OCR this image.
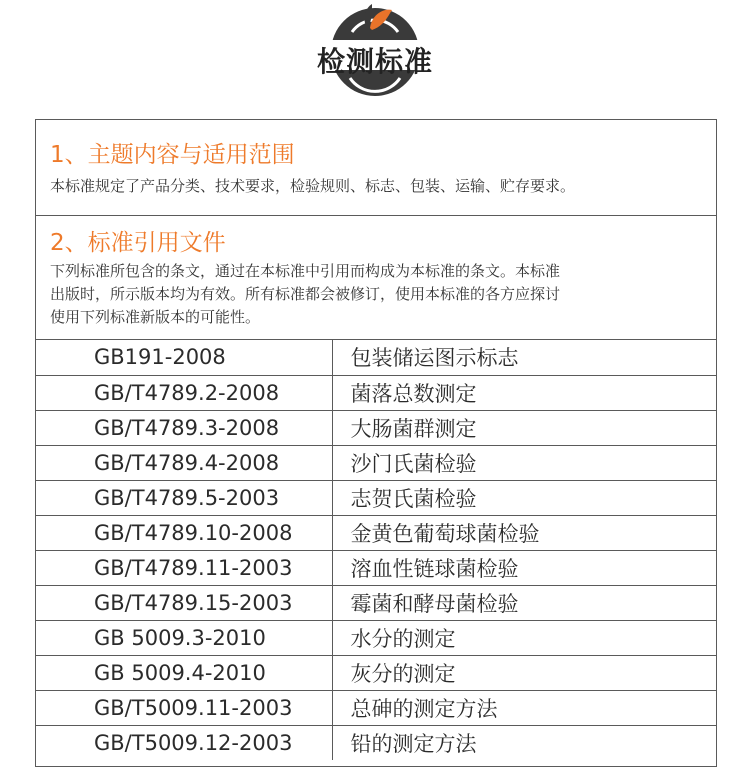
检测标准
1、主题内容与适用范围
本标准规定了产品分类、技术要求，检验规则、标志、包装、运输、贮存要求。
2、标准引用文件
下列标准所包含的条文，通过在本标准中引用而构成为本标准的条文。本标准
出版时，所示版本均为有效。所有标准都会被修订，使用本标准的各方应探讨
使用下列标准新版本的可能性。
GB191-2008	包装储运图示标志
GB/T4789.2-2008	菌落总数测定
GB/T4789.3-2008	大肠菌群测定
GB/T4789.4-2008	沙门氏菌检验
GB/T4789.5-2003	志贺氏菌检验
GB/T4789.10-2008	金黄色葡萄球菌检验
GB/T4789.11-2003	溶血性链球菌检验
GB/T4789.15-2003	霉菌和酵母菌检验
GB 5009.3-2010	水分的测定
GB 5009.4-2010	灰分的测定
GB/T5009.11-2003	总砷的测定方法
GB/T5009.12-2003	铅的测定方法
